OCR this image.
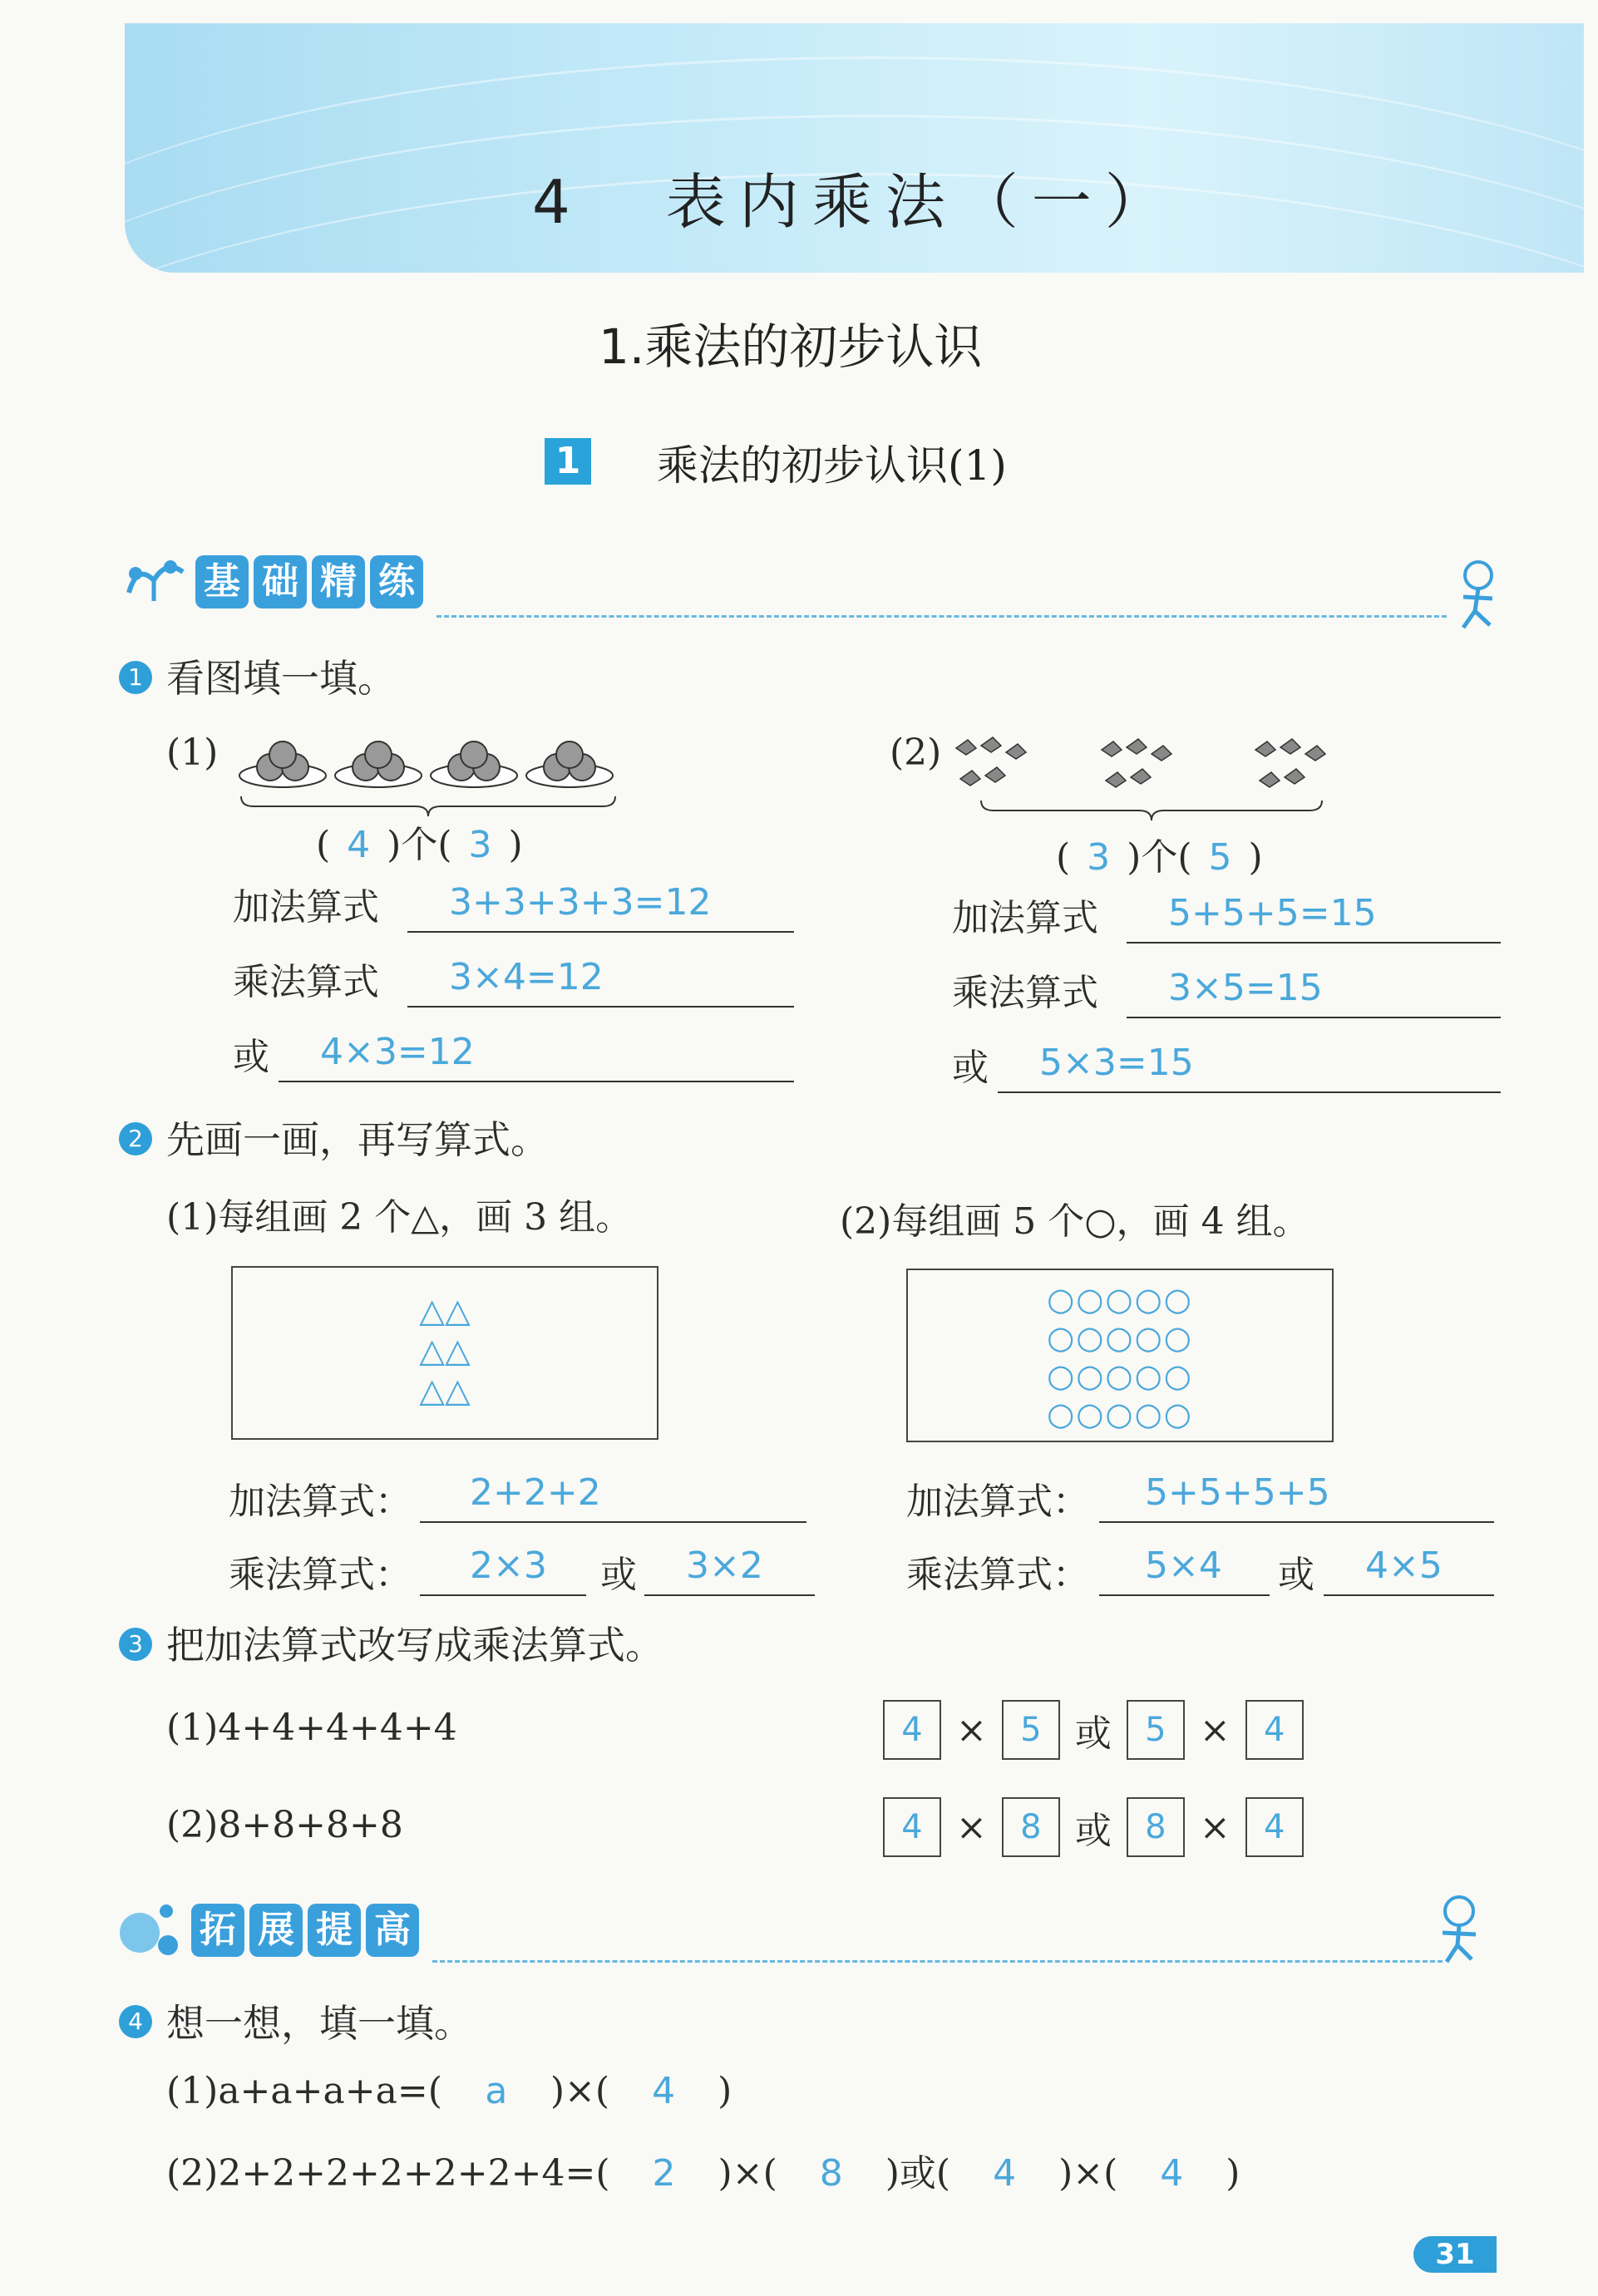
4 表内乘法（一）
1.乘法的初步认识
1 乘法的初步认识(1)
基 础 精 练
1 看图填一填。
(1)
( 4 )个( 3 )
加法算式	3+3+3+3=12
乘法算式	3×4=12
或	4×3=12
(2)
( 3 )个( 5 )
加法算式	5+5+5=15
乘法算式	3×5=15
或	5×3=15
2 先画一画，再写算式。
(1)每组画 2 个△，画 3 组。
△△
△△
△△
(2)每组画 5 个○，画 4 组。
○○○○○
○○○○○
○○○○○
○○○○○
加法算式：	2+2+2
乘法算式：	2×3	或	3×2
加法算式：	5+5+5+5
乘法算式：	5×4	或	4×5
3 把加法算式改写成乘法算式。
(1)4+4+4+4+4	4 ×	5 或	5 ×	4
(2)8+8+8+8	4 ×	8 或	8 ×	4
拓 展 提 高
4 想一想，填一填。
(1)a+a+a+a=( a )×( 4 )
(2)2+2+2+2+2+2+4=( 2 )×( 8 )或( 4 )×( 4 )
31
